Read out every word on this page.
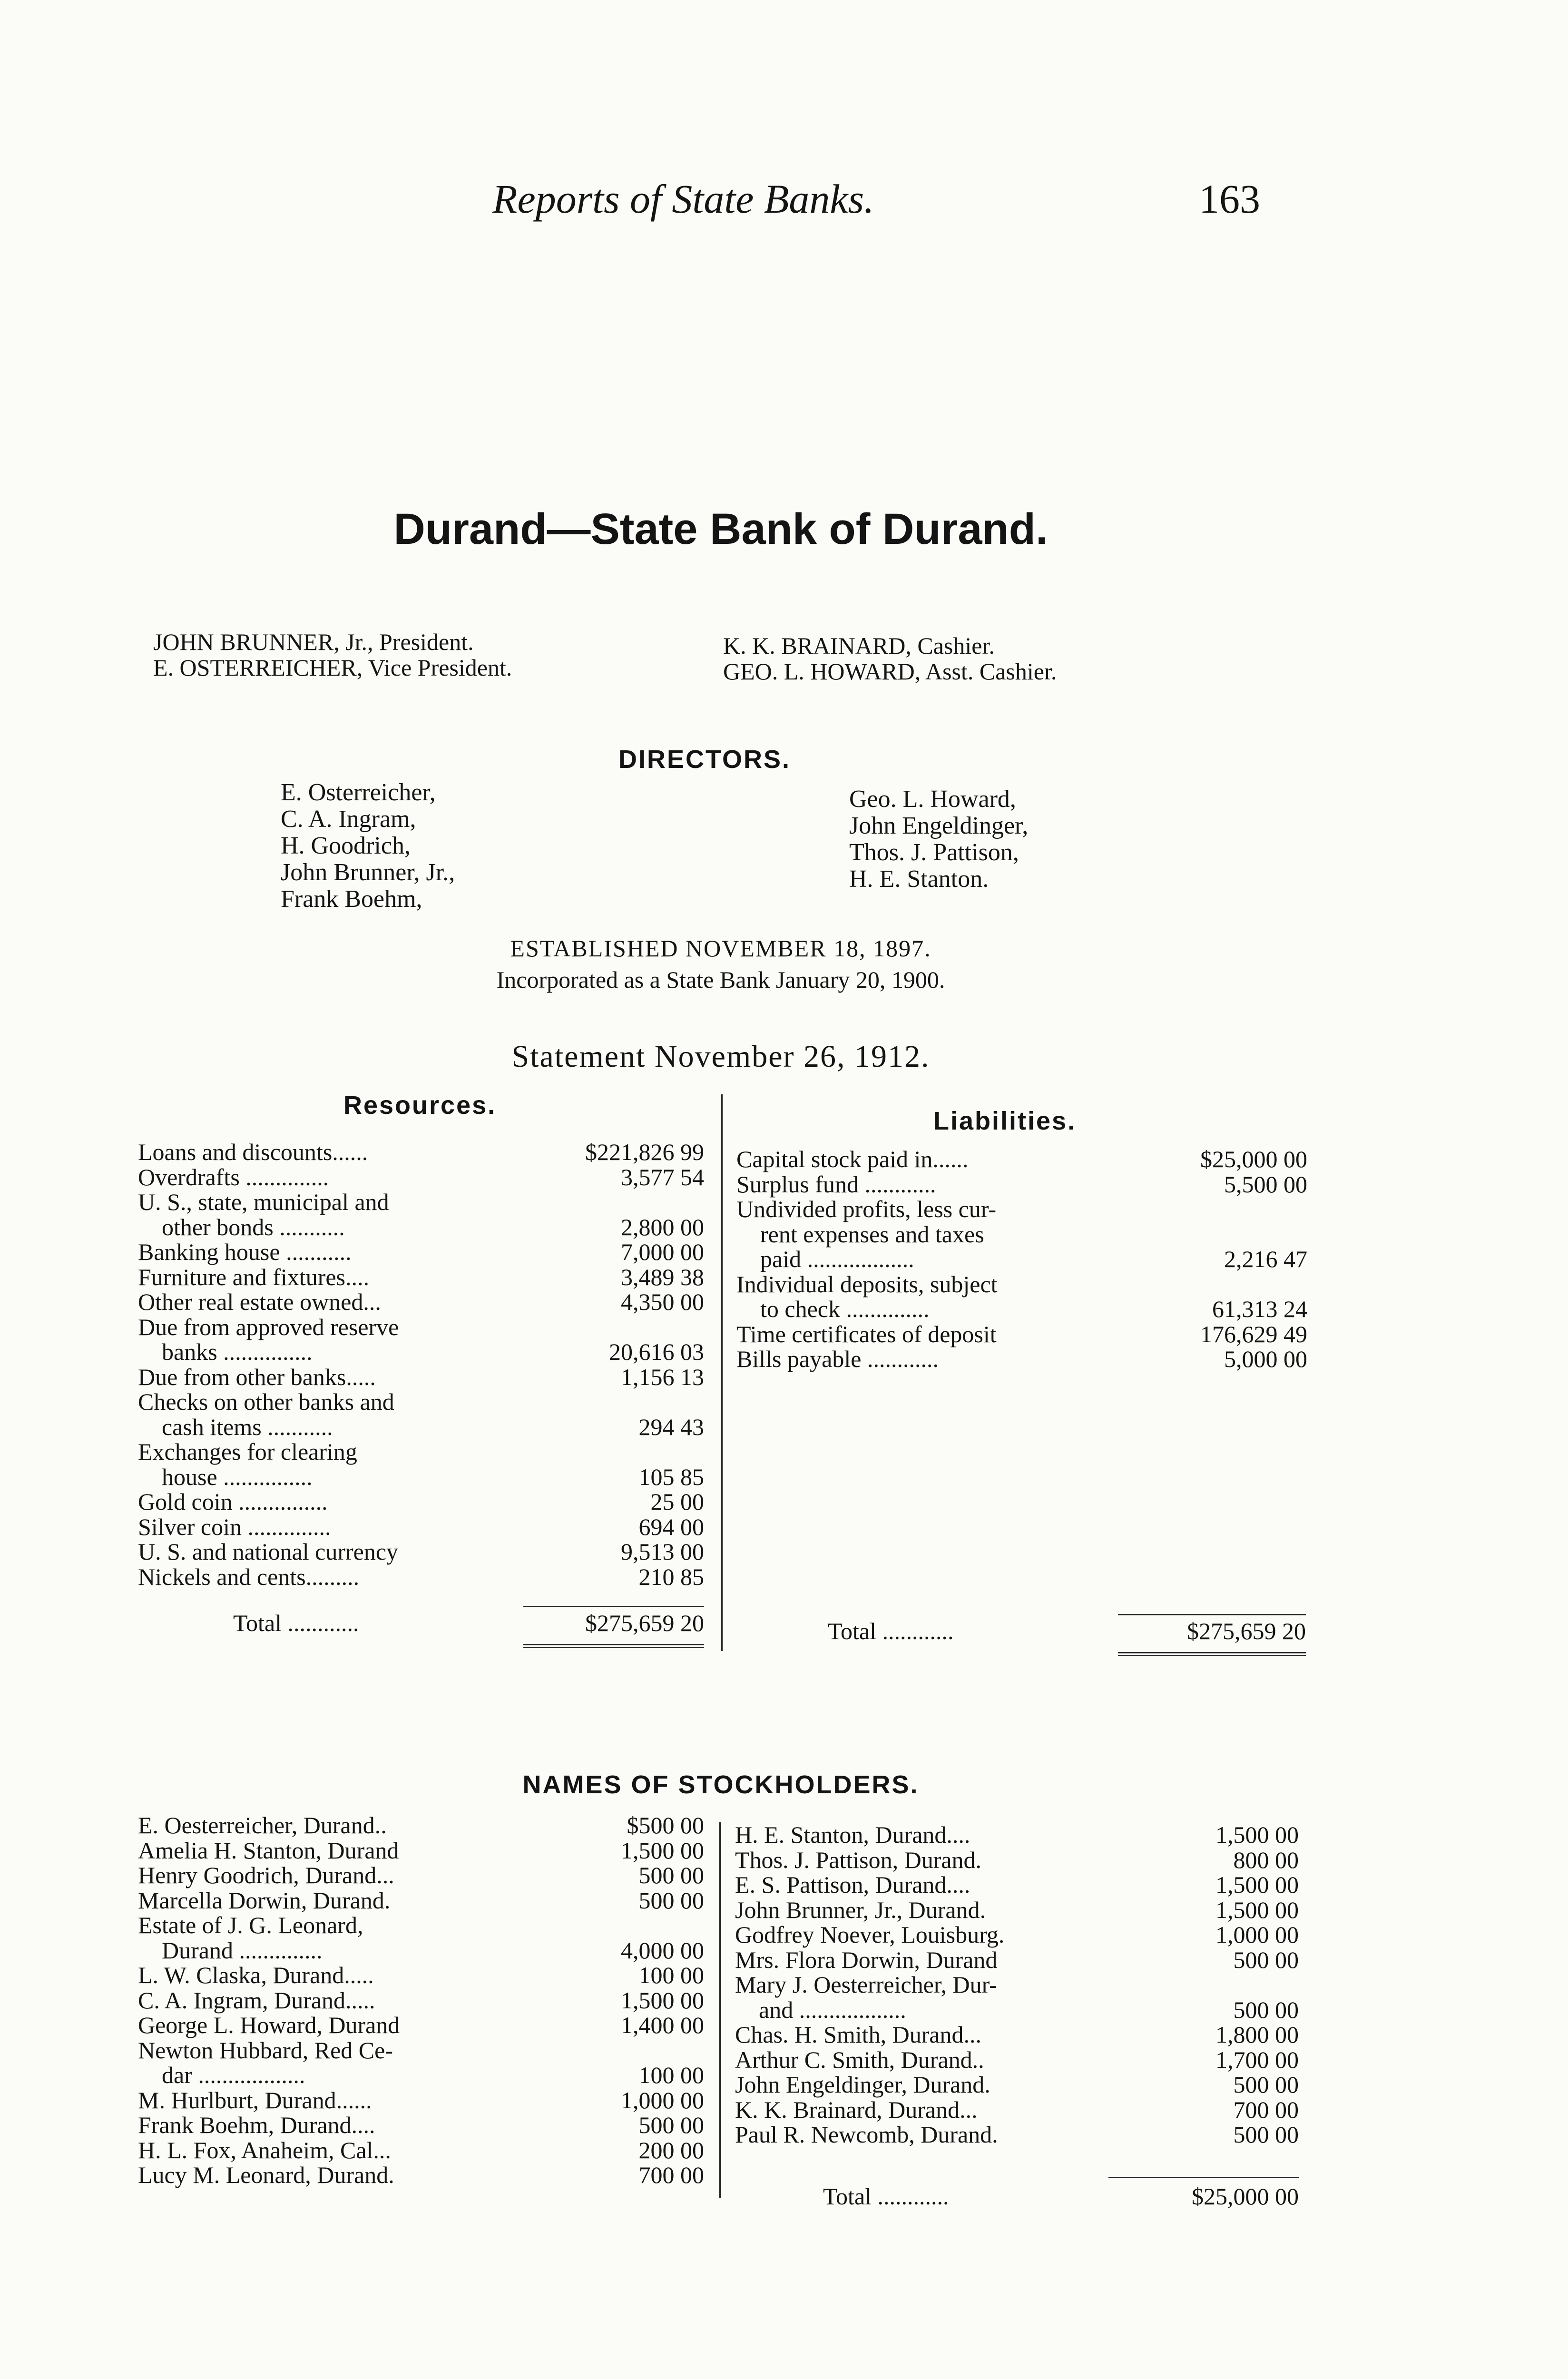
Reports of State Banks.	163
Durand—State Bank of Durand.
JOHN BRUNNER, Jr., President.
E. OSTERREICHER, Vice President.
K. K. BRAINARD, Cashier.
GEO. L. HOWARD, Asst. Cashier.
DIRECTORS.
E. Osterreicher,
C. A. Ingram,
H. Goodrich,
John Brunner, Jr.,
Frank Boehm,
Geo. L. Howard,
John Engeldinger,
Thos. J. Pattison,
H. E. Stanton.
ESTABLISHED NOVEMBER 18, 1897.
Incorporated as a State Bank January 20, 1900.
Statement November 26, 1912.
Resources.
Liabilities.
Loans and discounts......	$221,826 99
Overdrafts ..............	3,577 54
U. S., state, municipal and
other bonds ...........	2,800 00
Banking house ...........	7,000 00
Furniture and fixtures....	3,489 38
Other real estate owned...	4,350 00
Due from approved reserve
banks ...............	20,616 03
Due from other banks.....	1,156 13
Checks on other banks and
cash items ...........	294 43
Exchanges for clearing
house ...............	105 85
Gold coin ...............	25 00
Silver coin ..............	694 00
U. S. and national currency	9,513 00
Nickels and cents.........	210 85
Capital stock paid in......	$25,000 00
Surplus fund ............	5,500 00
Undivided profits, less cur-
rent expenses and taxes
paid ..................	2,216 47
Individual deposits, subject
to check ..............	61,313 24
Time certificates of deposit	176,629 49
Bills payable ............	5,000 00
Total ............	$275,659 20	Total ............	$275,659 20
NAMES OF STOCKHOLDERS.
E. Oesterreicher, Durand..	$500 00
Amelia H. Stanton, Durand	1,500 00
Henry Goodrich, Durand...	500 00
Marcella Dorwin, Durand.	500 00
Estate of J. G. Leonard,
Durand ..............	4,000 00
L. W. Claska, Durand.....	100 00
C. A. Ingram, Durand.....	1,500 00
George L. Howard, Durand	1,400 00
Newton Hubbard, Red Ce-
dar ..................	100 00
M. Hurlburt, Durand......	1,000 00
Frank Boehm, Durand....	500 00
H. L. Fox, Anaheim, Cal...	200 00
Lucy M. Leonard, Durand.	700 00
H. E. Stanton, Durand....	1,500 00
Thos. J. Pattison, Durand.	800 00
E. S. Pattison, Durand....	1,500 00
John Brunner, Jr., Durand.	1,500 00
Godfrey Noever, Louisburg.	1,000 00
Mrs. Flora Dorwin, Durand	500 00
Mary J. Oesterreicher, Dur-
and ..................	500 00
Chas. H. Smith, Durand...	1,800 00
Arthur C. Smith, Durand..	1,700 00
John Engeldinger, Durand.	500 00
K. K. Brainard, Durand...	700 00
Paul R. Newcomb, Durand.	500 00
Total ............	$25,000 00
